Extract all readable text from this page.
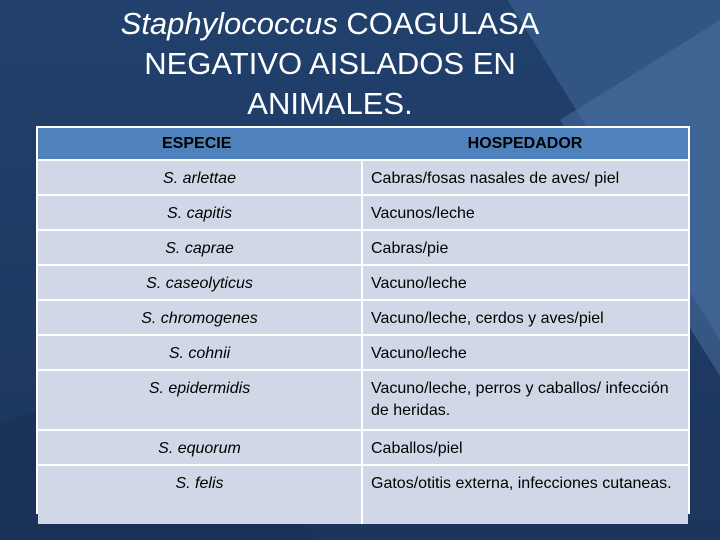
Staphylococcus COAGULASA
NEGATIVO AISLADOS EN
ANIMALES.
ESPECIE	HOSPEDADOR
S. arlettae	Cabras/fosas nasales de aves/ piel
S. capitis	Vacunos/leche
S. caprae	Cabras/pie
S. caseolyticus	Vacuno/leche
S. chromogenes	Vacuno/leche, cerdos y aves/piel
S. cohnii	Vacuno/leche
S. epidermidis	Vacuno/leche, perros y caballos/ infección de heridas.
S. equorum	Caballos/piel
S. felis	Gatos/otitis externa, infecciones cutaneas.
